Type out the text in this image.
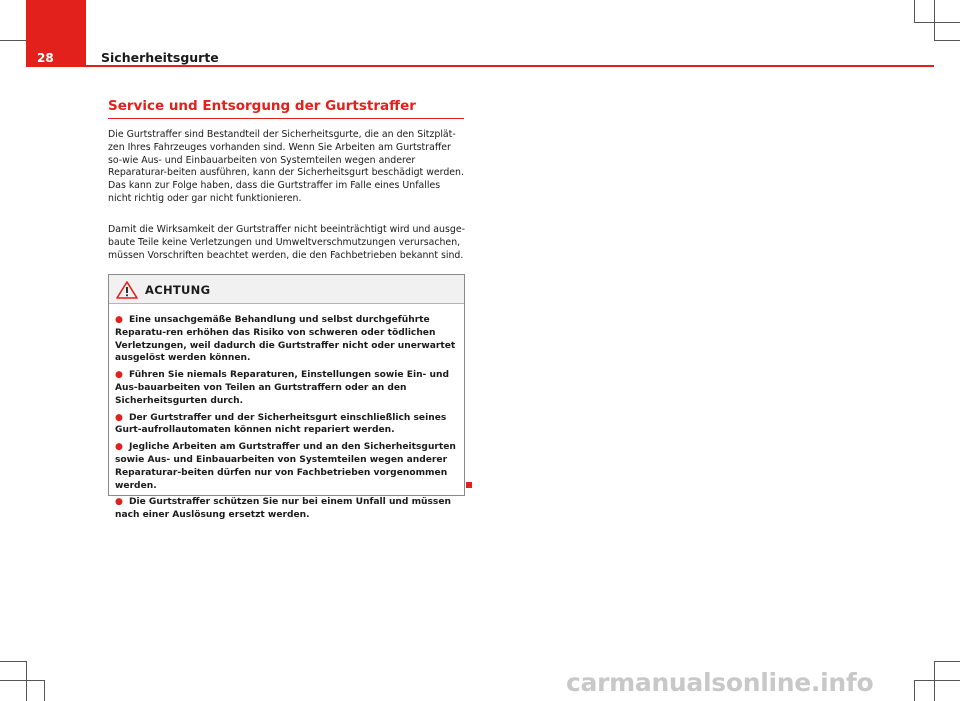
28	Sicherheitsgurte
Service und Entsorgung der Gurtstraffer

Die Gurtstraffer sind Bestandteil der Sicherheitsgurte, die an den Sitzplät-zen Ihres Fahrzeuges vorhanden sind. Wenn Sie Arbeiten am Gurtstraffer so-wie Aus- und Einbauarbeiten von Systemteilen wegen anderer Reparaturar-beiten ausführen, kann der Sicherheitsgurt beschädigt werden. Das kann zur Folge haben, dass die Gurtstraffer im Falle eines Unfalles nicht richtig oder gar nicht funktionieren.

Damit die Wirksamkeit der Gurtstraffer nicht beeinträchtigt wird und ausge-baute Teile keine Verletzungen und Umweltverschmutzungen verursachen, müssen Vorschriften beachtet werden, die den Fachbetrieben bekannt sind.

ACHTUNG
● Eine unsachgemäße Behandlung und selbst durchgeführte Reparatu-ren erhöhen das Risiko von schweren oder tödlichen Verletzungen, weil dadurch die Gurtstraffer nicht oder unerwartet ausgelöst werden können.
● Führen Sie niemals Reparaturen, Einstellungen sowie Ein- und Aus-bauarbeiten von Teilen an Gurtstraffern oder an den Sicherheitsgurten durch.
● Der Gurtstraffer und der Sicherheitsgurt einschließlich seines Gurt-aufrollautomaten können nicht repariert werden.
● Jegliche Arbeiten am Gurtstraffer und an den Sicherheitsgurten sowie Aus- und Einbauarbeiten von Systemteilen wegen anderer Reparaturar-beiten dürfen nur von Fachbetrieben vorgenommen werden.
● Die Gurtstraffer schützen Sie nur bei einem Unfall und müssen nach einer Auslösung ersetzt werden.
carmanualsonline.info
